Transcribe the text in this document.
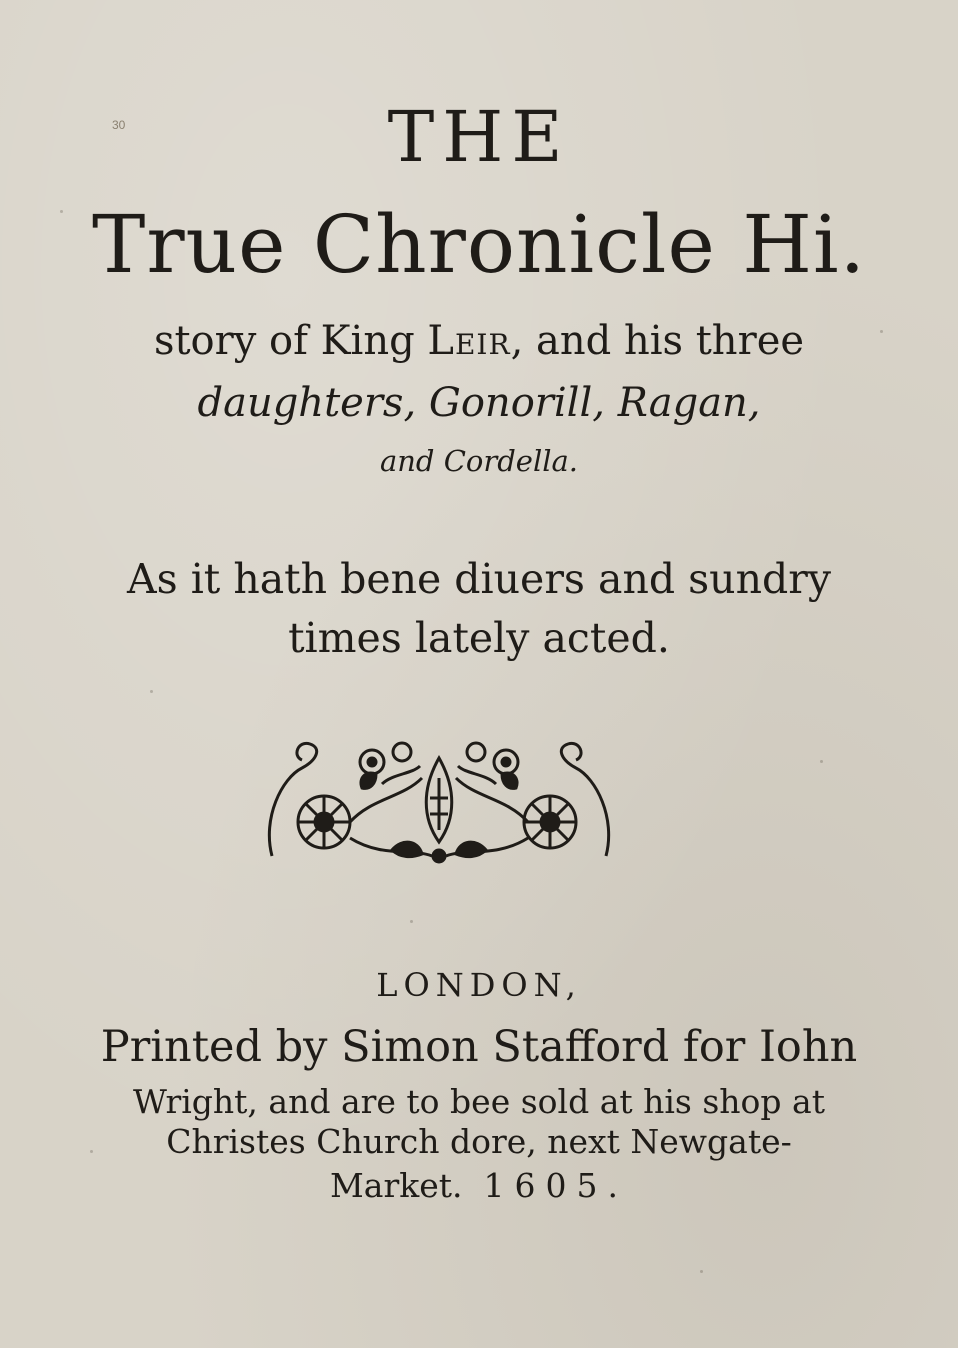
30	THE
True Chronicle Hi.
story of King Leir, and his three
daughters, Gonorill, Ragan,
and Cordella.
As it hath bene diuers and sundry
times lately acted.
LONDON,
Printed by Simon Stafford for Iohn
Wright, and are to bee sold at his shop at
Christes Church dore, next Newgate-
Market. 1605.
